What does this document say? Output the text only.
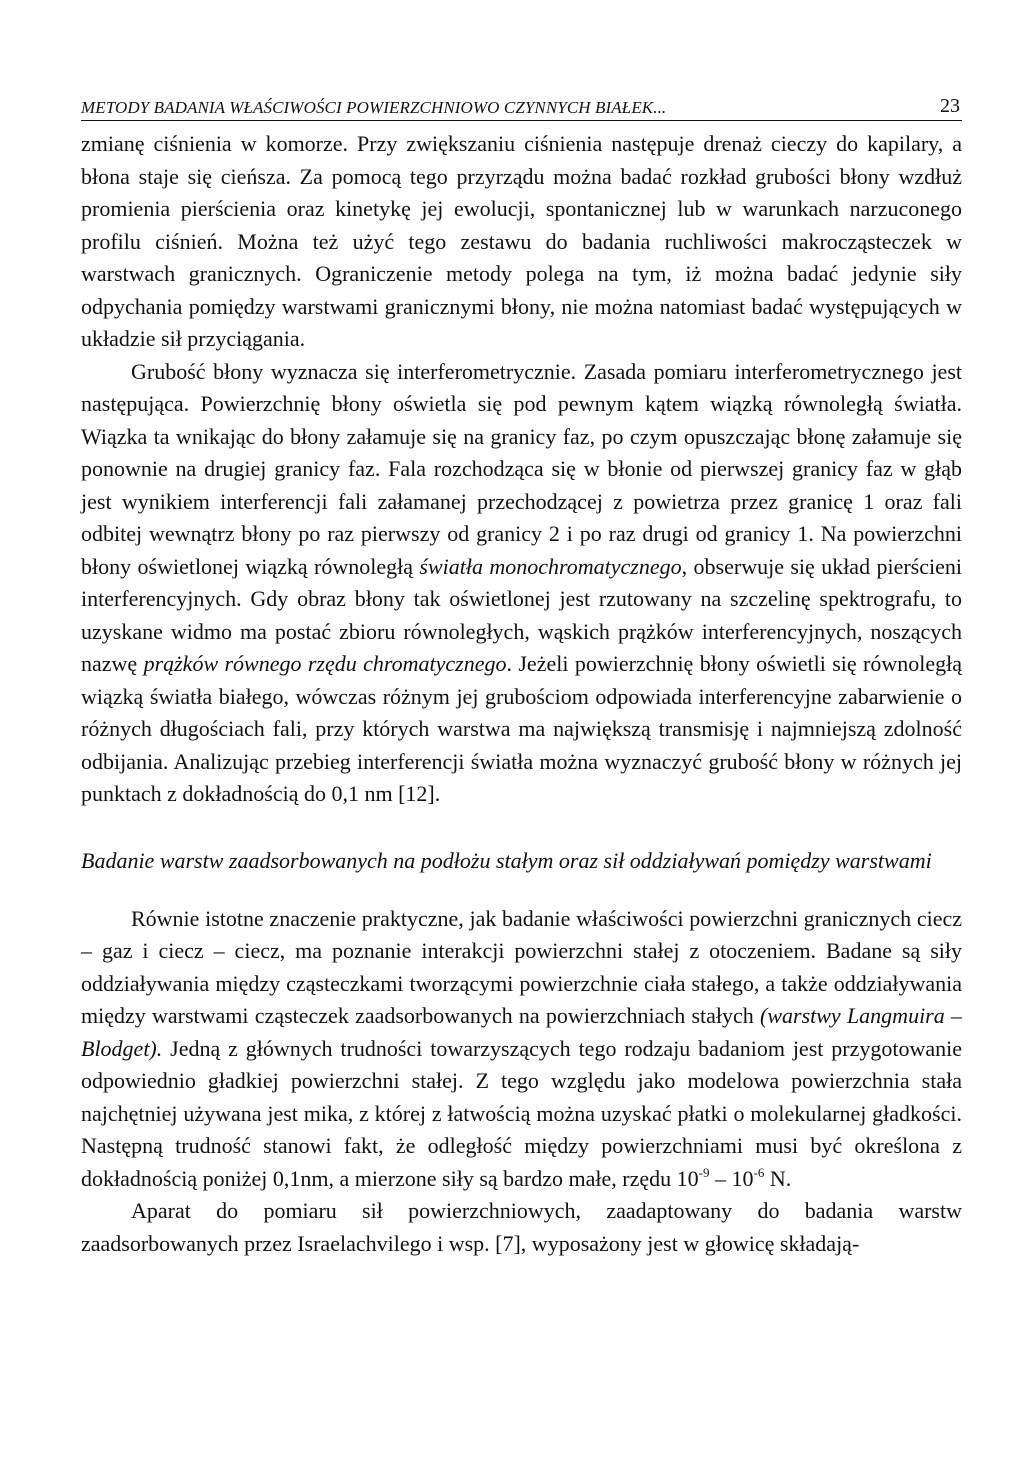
METODY BADANIA WŁAŚCIWOŚCI POWIERZCHNIOWO CZYNNYCH BIAŁEK...	23

zmianę ciśnienia w komorze. Przy zwiększaniu ciśnienia następuje drenaż cieczy do kapilary, a błona staje się cieńsza. Za pomocą tego przyrządu można badać rozkład grubości błony wzdłuż promienia pierścienia oraz kinetykę jej ewolucji, spontanicznej lub w warunkach narzuconego profilu ciśnień. Można też użyć tego zestawu do badania ruchliwości makrocząsteczek w warstwach granicznych. Ograniczenie metody polega na tym, iż można badać jedynie siły odpychania pomiędzy warstwami granicznymi błony, nie można natomiast badać występujących w układzie sił przyciągania.

Grubość błony wyznacza się interferometrycznie. Zasada pomiaru interferometrycznego jest następująca. Powierzchnię błony oświetla się pod pewnym kątem wiązką równoległą światła. Wiązka ta wnikając do błony załamuje się na granicy faz, po czym opuszczając błonę załamuje się ponownie na drugiej granicy faz. Fala rozchodząca się w błonie od pierwszej granicy faz w głąb jest wynikiem interferencji fali załamanej przechodzącej z powietrza przez granicę 1 oraz fali odbitej wewnątrz błony po raz pierwszy od granicy 2 i po raz drugi od granicy 1. Na powierzchni błony oświetlonej wiązką równoległą światła monochromatycznego, obserwuje się układ pierścieni interferencyjnych. Gdy obraz błony tak oświetlonej jest rzutowany na szczelinę spektrografu, to uzyskane widmo ma postać zbioru równoległych, wąskich prążków interferencyjnych, noszących nazwę prążków równego rzędu chromatycznego. Jeżeli powierzchnię błony oświetli się równoległą wiązką światła białego, wówczas różnym jej grubościom odpowiada interferencyjne zabarwienie o różnych długościach fali, przy których warstwa ma największą transmisję i najmniejszą zdolność odbijania. Analizując przebieg interferencji światła można wyznaczyć grubość błony w różnych jej punktach z dokładnością do 0,1 nm [12].

Badanie warstw zaadsorbowanych na podłożu stałym oraz sił oddziaływań pomiędzy warstwami

Równie istotne znaczenie praktyczne, jak badanie właściwości powierzchni granicznych ciecz – gaz i ciecz – ciecz, ma poznanie interakcji powierzchni stałej z otoczeniem. Badane są siły oddziaływania między cząsteczkami tworzącymi powierzchnie ciała stałego, a także oddziaływania między warstwami cząsteczek zaadsorbowanych na powierzchniach stałych (warstwy Langmuira – Blodget). Jedną z głównych trudności towarzyszących tego rodzaju badaniom jest przygotowanie odpowiednio gładkiej powierzchni stałej. Z tego względu jako modelowa powierzchnia stała najchętniej używana jest mika, z której z łatwością można uzyskać płatki o molekularnej gładkości. Następną trudność stanowi fakt, że odległość między powierzchniami musi być określona z dokładnością poniżej 0,1nm, a mierzone siły są bardzo małe, rzędu $10^{-9} - 10^{-6}$ N.

Aparat do pomiaru sił powierzchniowych, zaadaptowany do badania warstw zaadsorbowanych przez Israelachvilego i wsp. [7], wyposażony jest w głowicę składają-
